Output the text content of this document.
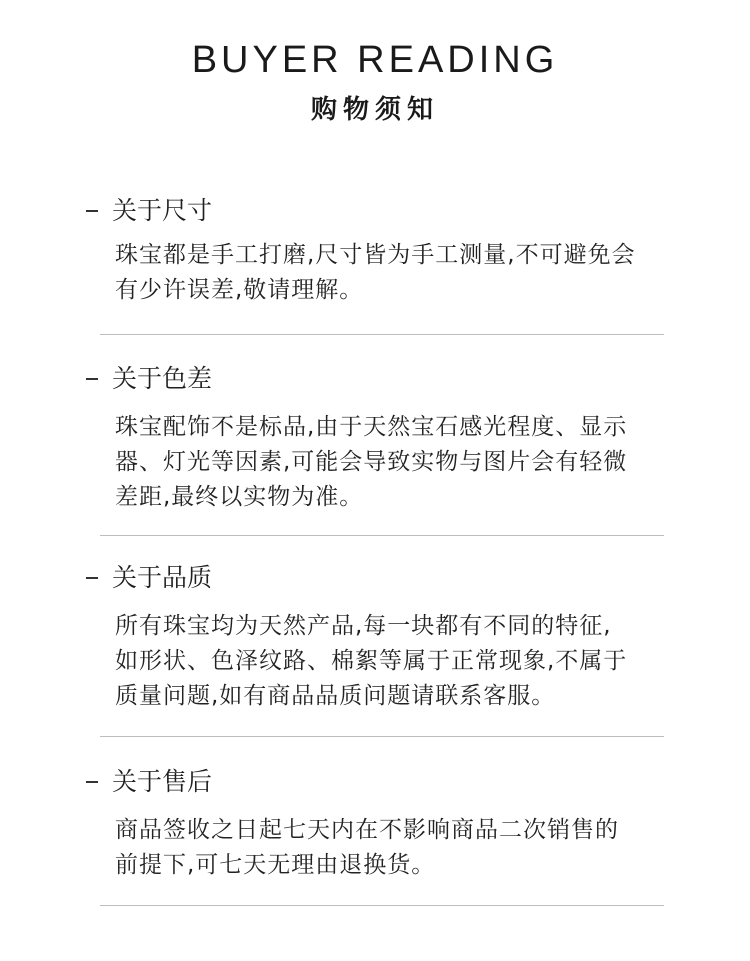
BUYER READING
购物须知
关于尺寸
珠宝都是手工打磨,尺寸皆为手工测量,不可避免会
有少许误差,敬请理解。
关于色差
珠宝配饰不是标品,由于天然宝石感光程度、显示
器、灯光等因素,可能会导致实物与图片会有轻微
差距,最终以实物为准。
关于品质
所有珠宝均为天然产品,每一块都有不同的特征,
如形状、色泽纹路、棉絮等属于正常现象,不属于
质量问题,如有商品品质问题请联系客服。
关于售后
商品签收之日起七天内在不影响商品二次销售的
前提下,可七天无理由退换货。
